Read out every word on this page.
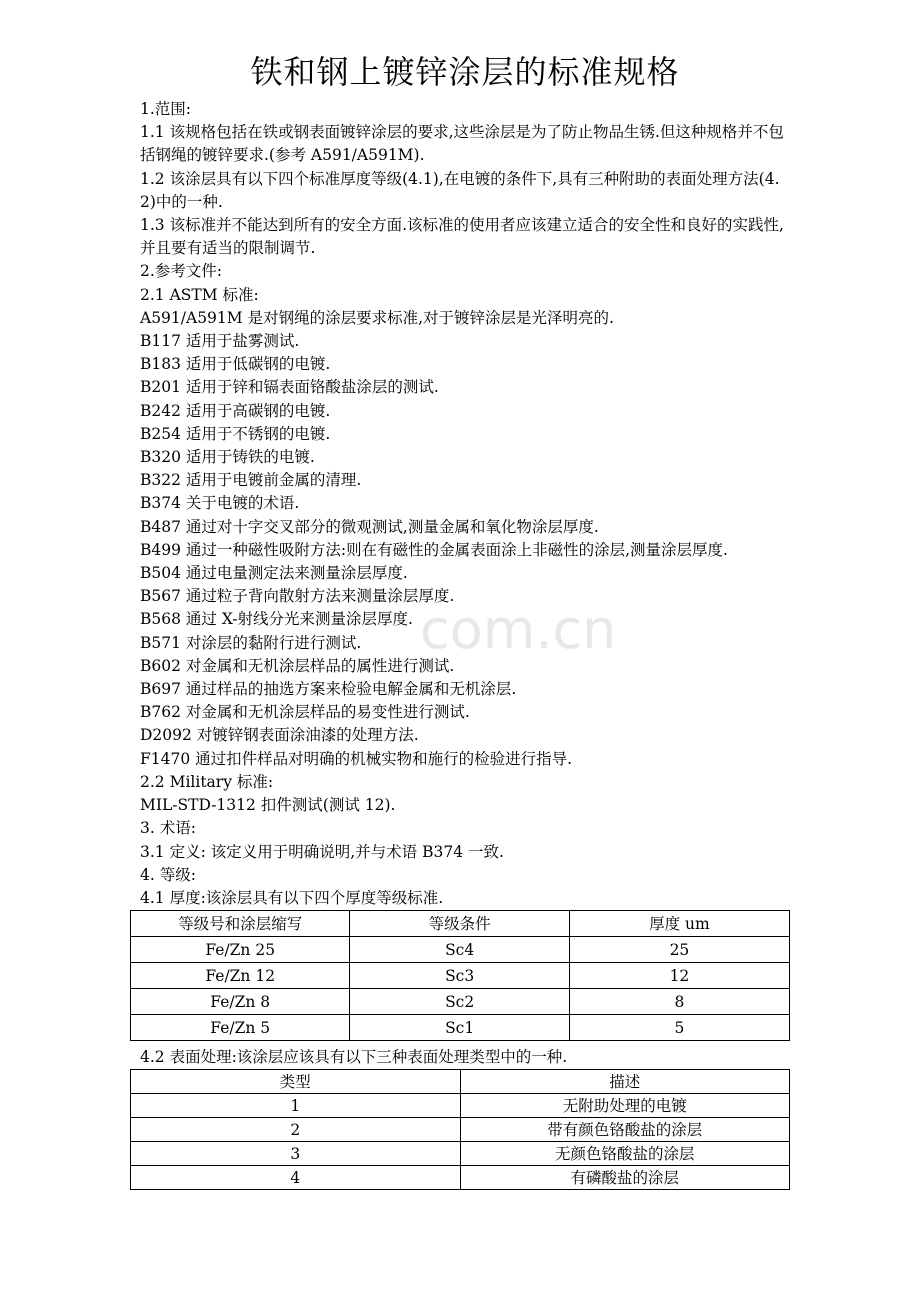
铁和钢上镀锌涂层的标准规格

1.范围:

1.1 该规格包括在铁或钢表面镀锌涂层的要求,这些涂层是为了防止物品生锈.但这种规格并不包括钢绳的镀锌要求.(参考 A591/A591M).

1.2 该涂层具有以下四个标准厚度等级(4.1),在电镀的条件下,具有三种附助的表面处理方法(4.2)中的一种.

1.3 该标准并不能达到所有的安全方面.该标准的使用者应该建立适合的安全性和良好的实践性,并且要有适当的限制调节.

2.参考文件:

2.1 ASTM 标准:

A591/A591M 是对钢绳的涂层要求标准,对于镀锌涂层是光泽明亮的.

B117 适用于盐雾测试.

B183 适用于低碳钢的电镀.

B201 适用于锌和镉表面铬酸盐涂层的测试.

B242 适用于高碳钢的电镀.

B254 适用于不锈钢的电镀.

B320 适用于铸铁的电镀.

B322 适用于电镀前金属的清理.

B374 关于电镀的术语.

B487 通过对十字交叉部分的微观测试,测量金属和氧化物涂层厚度.

B499 通过一种磁性吸附方法:则在有磁性的金属表面涂上非磁性的涂层,测量涂层厚度.

B504 通过电量测定法来测量涂层厚度.

B567 通过粒子背向散射方法来测量涂层厚度.

B568 通过 X-射线分光来测量涂层厚度.

B571 对涂层的黏附行进行测试.

B602 对金属和无机涂层样品的属性进行测试.

B697 通过样品的抽选方案来检验电解金属和无机涂层.

B762 对金属和无机涂层样品的易变性进行测试.

D2092 对镀锌钢表面涂油漆的处理方法.

F1470 通过扣件样品对明确的机械实物和施行的检验进行指导.

2.2 Military 标准:

MIL-STD-1312 扣件测试(测试 12).

3. 术语:

3.1 定义: 该定义用于明确说明,并与术语 B374 一致.

4. 等级:

4.1 厚度:该涂层具有以下四个厚度等级标准.

等级号和涂层缩写	等级条件	厚度 um
Fe/Zn 25	Sc4	25
Fe/Zn 12	Sc3	12
Fe/Zn 8	Sc2	8
Fe/Zn 5	Sc1	5

4.2 表面处理:该涂层应该具有以下三种表面处理类型中的一种.

类型	描述
1	无附助处理的电镀
2	带有颜色铬酸盐的涂层
3	无颜色铬酸盐的涂层
4	有磷酸盐的涂层
com.cn
